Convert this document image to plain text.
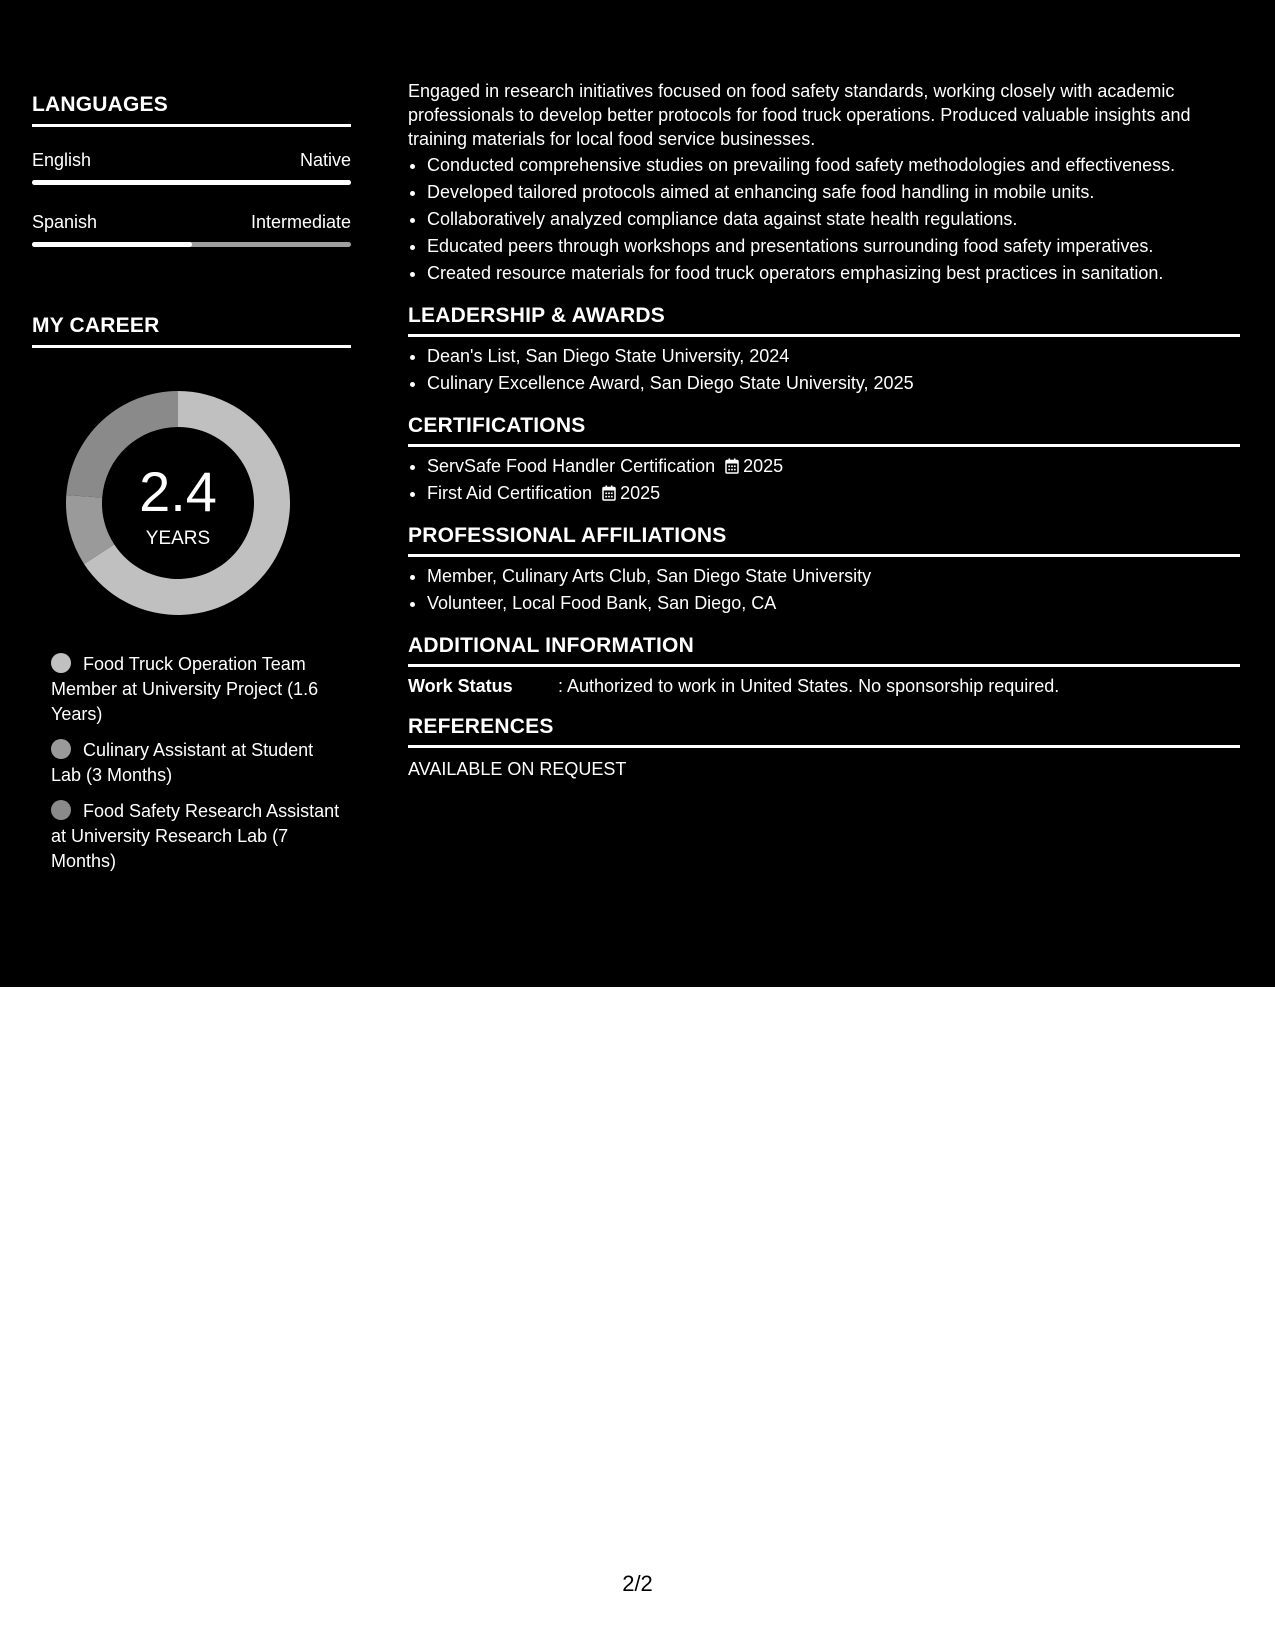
LANGUAGES
English	Native
Spanish	Intermediate
MY CAREER
2.4
YEARS
Food Truck Operation Team Member at University Project (1.6 Years)
Culinary Assistant at Student Lab (3 Months)
Food Safety Research Assistant at University Research Lab (7 Months)

Engaged in research initiatives focused on food safety standards, working closely with academic professionals to develop better protocols for food truck operations. Produced valuable insights and training materials for local food service businesses.

• Conducted comprehensive studies on prevailing food safety methodologies and effectiveness.
• Developed tailored protocols aimed at enhancing safe food handling in mobile units.
• Collaboratively analyzed compliance data against state health regulations.
• Educated peers through workshops and presentations surrounding food safety imperatives.
• Created resource materials for food truck operators emphasizing best practices in sanitation.
LEADERSHIP & AWARDS
• Dean's List, San Diego State University, 2024
• Culinary Excellence Award, San Diego State University, 2025
CERTIFICATIONS
• ServSafe Food Handler Certification 2025
• First Aid Certification 2025
PROFESSIONAL AFFILIATIONS
• Member, Culinary Arts Club, San Diego State University
• Volunteer, Local Food Bank, San Diego, CA
ADDITIONAL INFORMATION
Work Status	: Authorized to work in United States. No sponsorship required.
REFERENCES
AVAILABLE ON REQUEST
2/2
